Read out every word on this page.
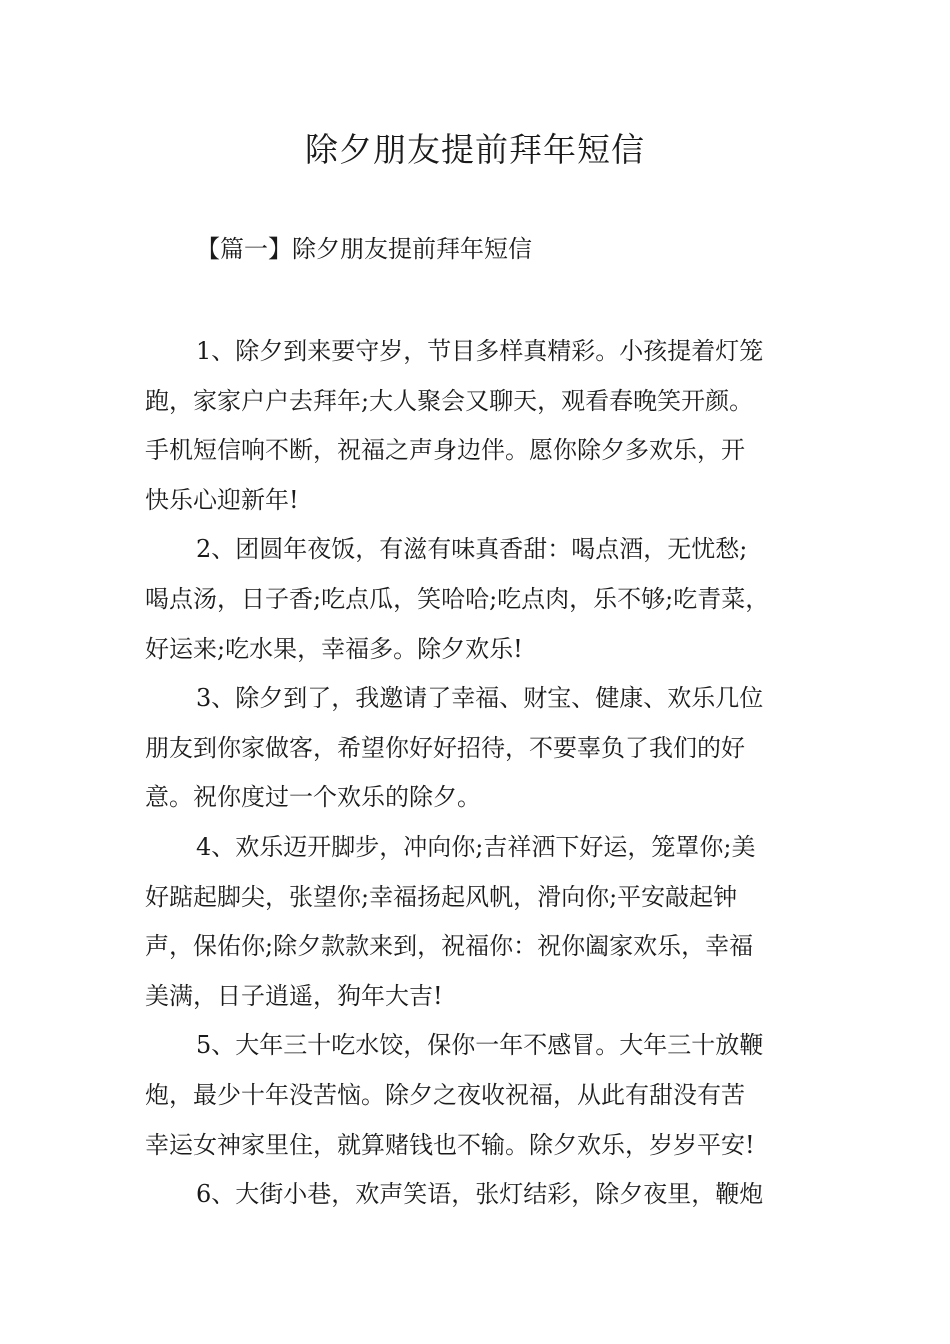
除夕朋友提前拜年短信
【篇一】除夕朋友提前拜年短信

1、除夕到来要守岁，节目多样真精彩。小孩提着灯笼
跑，家家户户去拜年;大人聚会又聊天，观看春晚笑开颜。
手机短信响不断，祝福之声身边伴。愿你除夕多欢乐，开
快乐心迎新年!

2、团圆年夜饭，有滋有味真香甜：喝点酒，无忧愁;
喝点汤，日子香;吃点瓜，笑哈哈;吃点肉，乐不够;吃青菜，
好运来;吃水果，幸福多。除夕欢乐!

3、除夕到了，我邀请了幸福、财宝、健康、欢乐几位
朋友到你家做客，希望你好好招待，不要辜负了我们的好
意。祝你度过一个欢乐的除夕。

4、欢乐迈开脚步，冲向你;吉祥洒下好运，笼罩你;美
好踮起脚尖，张望你;幸福扬起风帆，滑向你;平安敲起钟
声，保佑你;除夕款款来到，祝福你：祝你阖家欢乐，幸福
美满，日子逍遥，狗年大吉!

5、大年三十吃水饺，保你一年不感冒。大年三十放鞭
炮，最少十年没苦恼。除夕之夜收祝福，从此有甜没有苦
幸运女神家里住，就算赌钱也不输。除夕欢乐，岁岁平安!

6、大街小巷，欢声笑语，张灯结彩，除夕夜里，鞭炮
